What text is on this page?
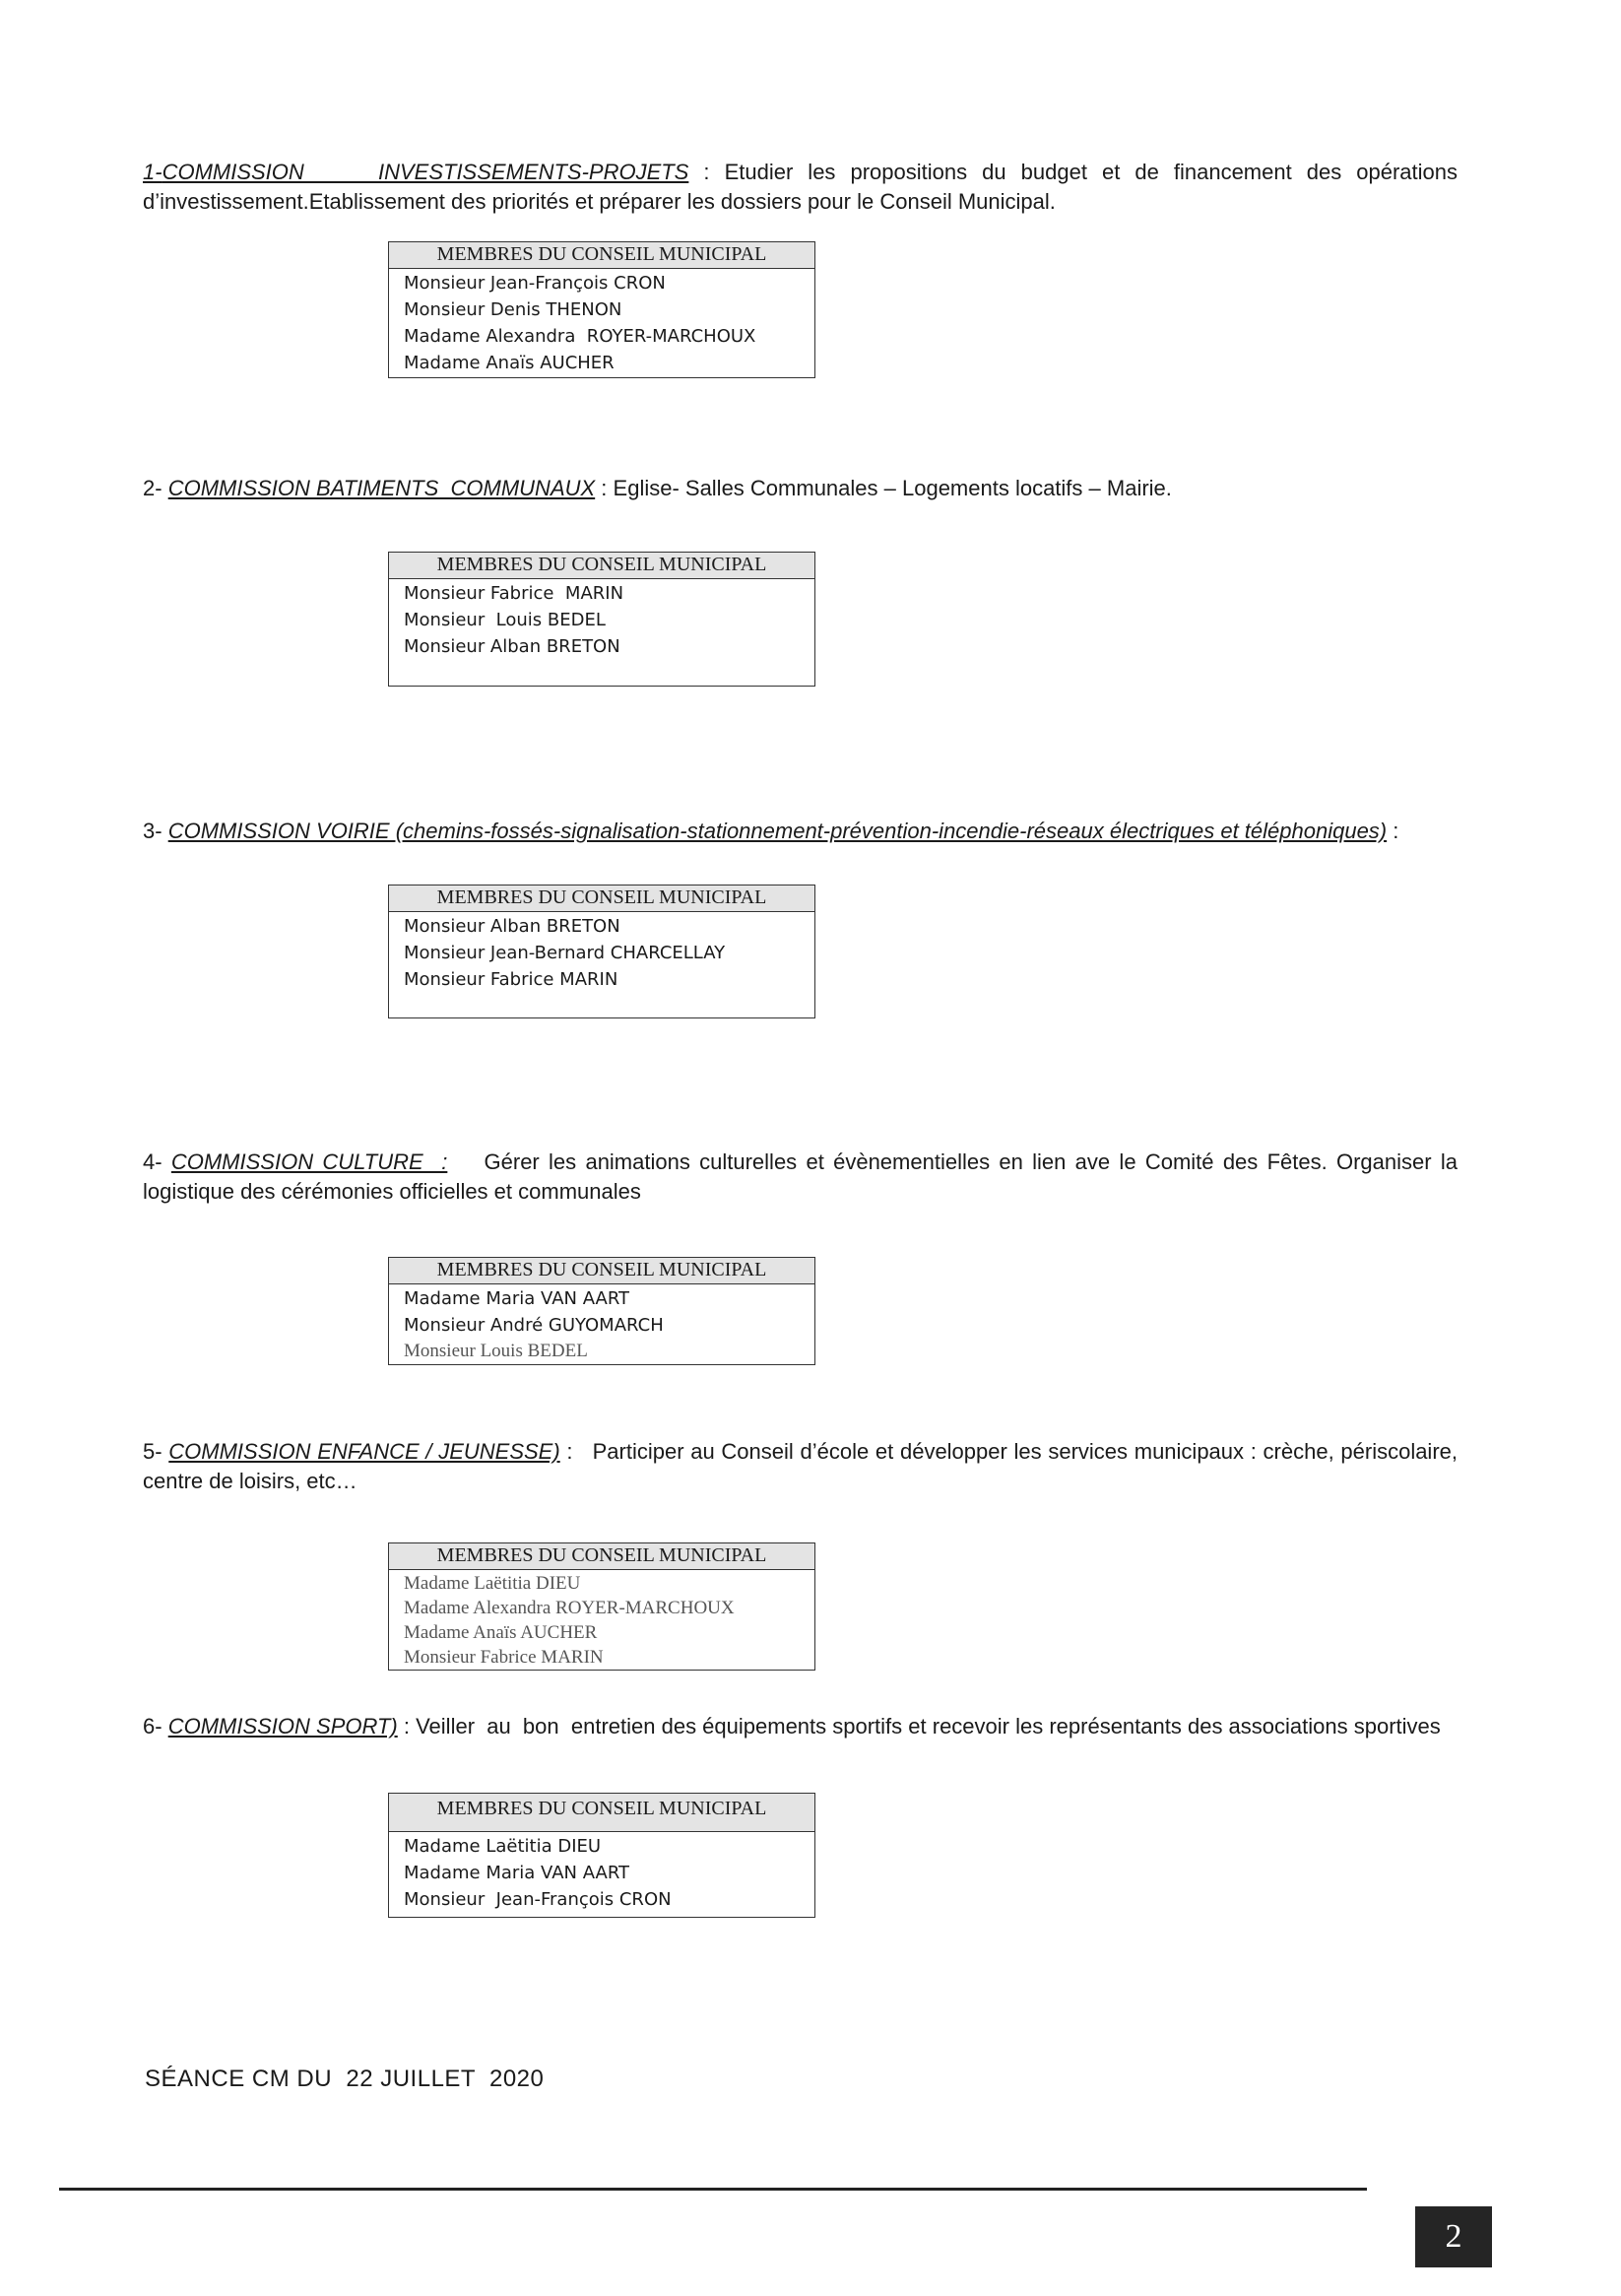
1-COMMISSION     INVESTISSEMENTS-PROJETS : Etudier les propositions du budget et de financement des opérations d’investissement.Etablissement des priorités et préparer les dossiers pour le Conseil Municipal.

MEMBRES DU CONSEIL MUNICIPAL
Monsieur Jean-François CRON
Monsieur Denis THENON
Madame Alexandra  ROYER-MARCHOUX
Madame Anaïs AUCHER

2- COMMISSION BATIMENTS  COMMUNAUX : Eglise- Salles Communales – Logements locatifs – Mairie.

MEMBRES DU CONSEIL MUNICIPAL
Monsieur Fabrice  MARIN
Monsieur  Louis BEDEL
Monsieur Alban BRETON

3- COMMISSION VOIRIE (chemins-fossés-signalisation-stationnement-prévention-incendie-réseaux électriques et téléphoniques) :

MEMBRES DU CONSEIL MUNICIPAL
Monsieur Alban BRETON
Monsieur Jean-Bernard CHARCELLAY
Monsieur Fabrice MARIN

4- COMMISSION CULTURE  : Gérer les animations culturelles et évènementielles en lien ave le Comité des Fêtes. Organiser la logistique des cérémonies officielles et communales

MEMBRES DU CONSEIL MUNICIPAL
Madame Maria VAN AART
Monsieur André GUYOMARCH
Monsieur Louis BEDEL

5- COMMISSION ENFANCE / JEUNESSE) :   Participer au Conseil d’école et développer les services municipaux : crèche, périscolaire, centre de loisirs, etc…

MEMBRES DU CONSEIL MUNICIPAL
Madame Laëtitia DIEU
Madame Alexandra ROYER-MARCHOUX
Madame Anaïs AUCHER
Monsieur Fabrice MARIN

6- COMMISSION SPORT) : Veiller  au  bon  entretien des équipements sportifs et recevoir les représentants des associations sportives

MEMBRES DU CONSEIL MUNICIPAL
Madame Laëtitia DIEU
Madame Maria VAN AART
Monsieur  Jean-François CRON
SÉANCE CM DU  22 JUILLET  2020
2
